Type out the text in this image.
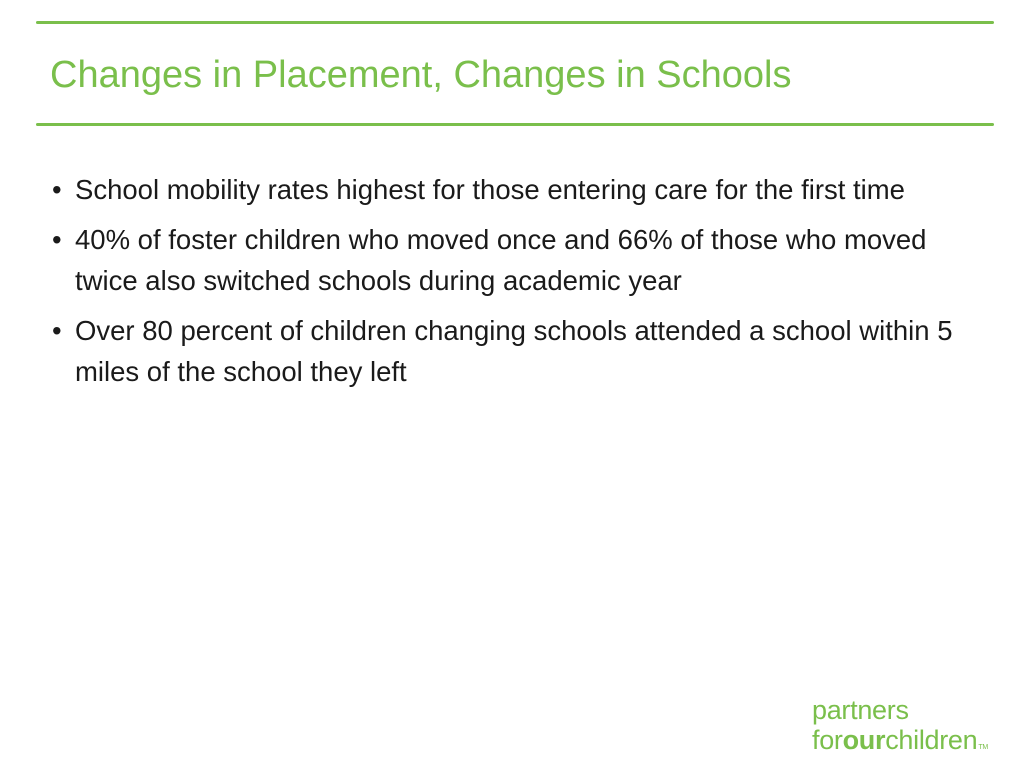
Changes in Placement, Changes in Schools
• School mobility rates highest for those entering care for the first time
• 40% of foster children who moved once and 66% of those who moved twice also switched schools during academic year
• Over 80 percent of children changing schools attended a school within 5 miles of the school they left
partners
forourchildrenTM
